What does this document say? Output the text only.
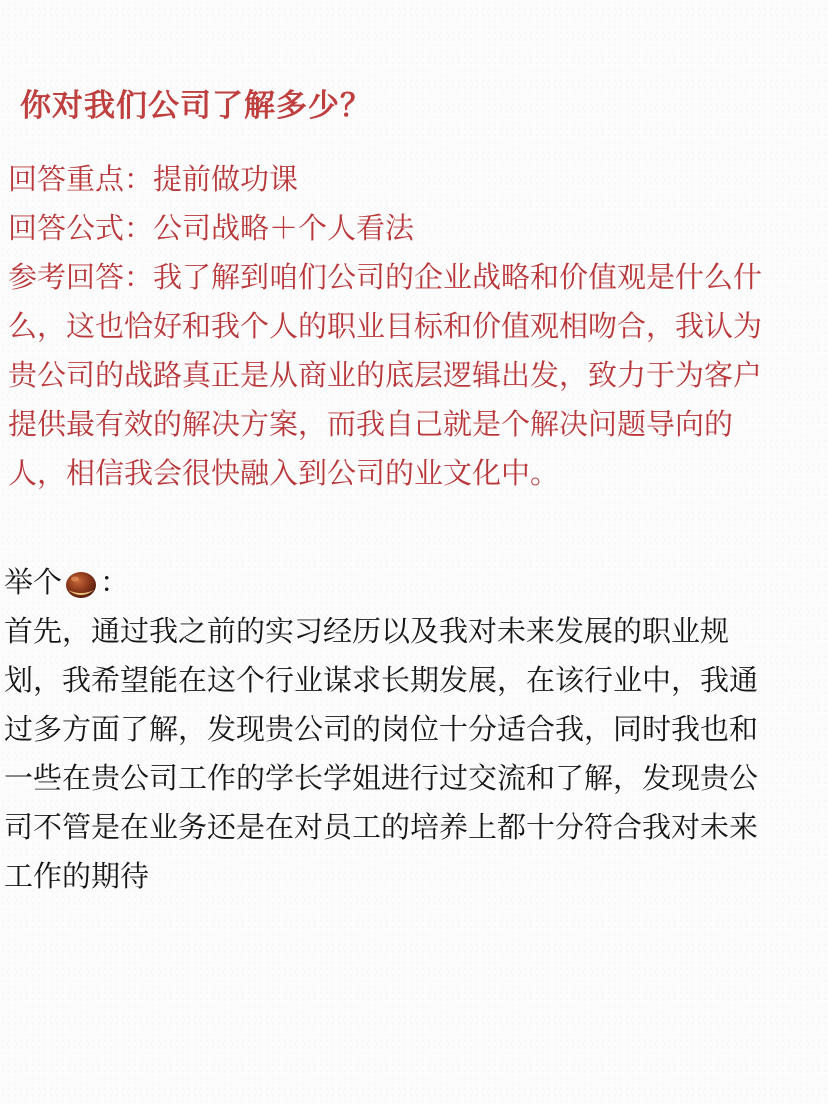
你对我们公司了解多少？
回答重点：提前做功课
回答公式：公司战略＋个人看法
参考回答：我了解到咱们公司的企业战略和价值观是什么什
么，这也恰好和我个人的职业目标和价值观相吻合，我认为
贵公司的战路真正是从商业的底层逻辑出发，致力于为客户
提供最有效的解决方案，而我自己就是个解决问题导向的
人，相信我会很快融入到公司的业文化中。
举个 ：
首先，通过我之前的实习经历以及我对未来发展的职业规
划，我希望能在这个行业谋求长期发展，在该行业中，我通
过多方面了解，发现贵公司的岗位十分适合我，同时我也和
一些在贵公司工作的学长学姐进行过交流和了解，发现贵公
司不管是在业务还是在对员工的培养上都十分符合我对未来
工作的期待
